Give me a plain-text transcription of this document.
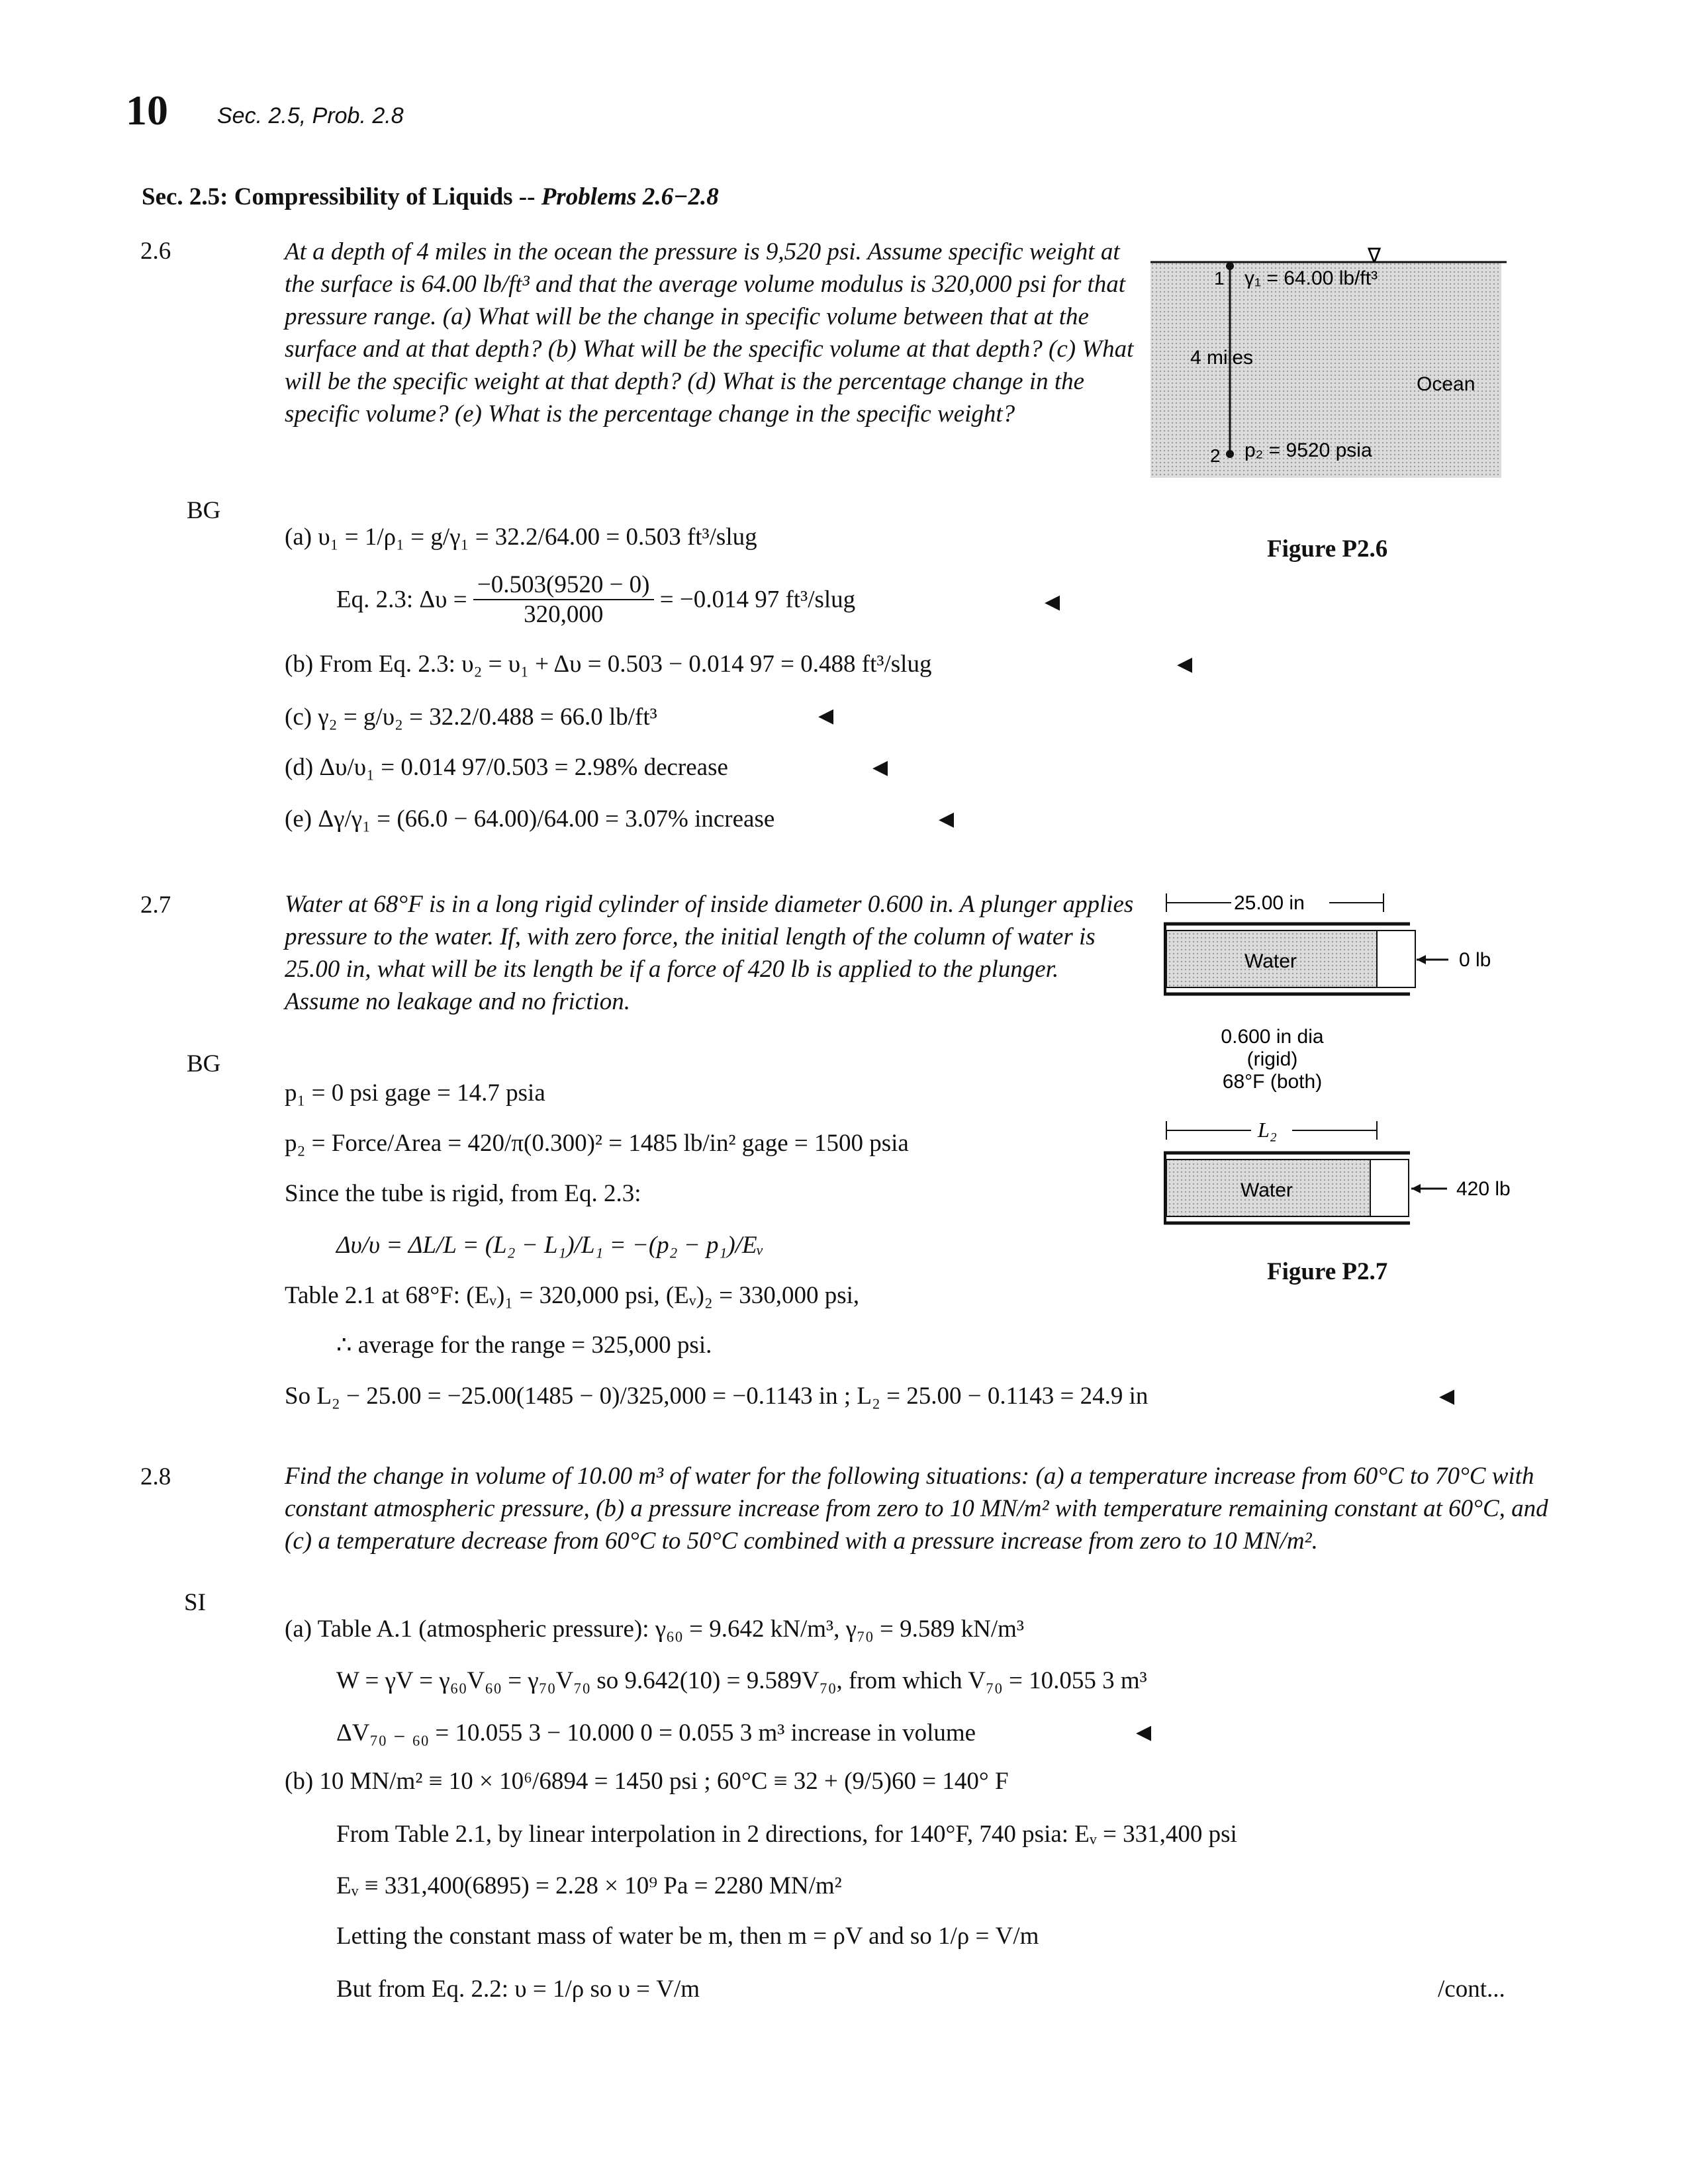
10 Sec. 2.5, Prob. 2.8
Sec. 2.5: Compressibility of Liquids -- Problems 2.6−2.8
2.6	At a depth of 4 miles in the ocean the pressure is 9,520 psi. Assume specific weight at the surface is 64.00 lb/ft³ and that the average volume modulus is 320,000 psi for that pressure range. (a) What will be the change in specific volume between that at the surface and at that depth? (b) What will be the specific volume at that depth? (c) What will be the specific weight at that depth? (d) What is the percentage change in the specific volume? (e) What is the percentage change in the specific weight?
BG
(a) υ₁ = 1/ρ₁ = g/γ₁ = 32.2/64.00 = 0.503 ft³/slug
Eq. 2.3: $\Delta\upsilon = \frac{-0.503(9520 - 0)}{320,000} = -0.014$ 97 ft³/slug	◀
(b) From Eq. 2.3: υ₂ = υ₁ + Δυ = 0.503 − 0.014 97 = 0.488 ft³/slug	◀
(c) γ₂ = g/υ₂ = 32.2/0.488 = 66.0 lb/ft³	◀
(d) Δυ/υ₁ = 0.014 97/0.503 = 2.98% decrease	◀
(e) Δγ/γ₁ = (66.0 − 64.00)/64.00 = 3.07% increase	◀
∇
1 γ₁ = 64.00 lb/ft³
4 miles
Ocean
2 p₂ = 9520 psia
Figure P2.6
2.7	Water at 68°F is in a long rigid cylinder of inside diameter 0.600 in. A plunger applies pressure to the water. If, with zero force, the initial length of the column of water is 25.00 in, what will be its length be if a force of 420 lb is applied to the plunger. Assume no leakage and no friction.
BG
p₁ = 0 psi gage = 14.7 psia
p₂ = Force/Area = 420/π(0.300)² = 1485 lb/in² gage = 1500 psia
Since the tube is rigid, from Eq. 2.3:
Δυ/υ = ΔL/L = (L₂ − L₁)/L₁ = −(p₂ − p₁)/Eᵥ
Table 2.1 at 68°F: (Eᵥ)₁ = 320,000 psi, (Eᵥ)₂ = 330,000 psi,
∴ average for the range = 325,000 psi.
So L₂ − 25.00 = −25.00(1485 − 0)/325,000 = −0.1143 in ; L₂ = 25.00 − 0.1143 = 24.9 in	◀
25.00 in
Water	0 lb
0.600 in dia
(rigid)
68°F (both)
L₂
Water	420 lb
Figure P2.7
2.8	Find the change in volume of 10.00 m³ of water for the following situations: (a) a temperature increase from 60°C to 70°C with constant atmospheric pressure, (b) a pressure increase from zero to 10 MN/m² with temperature remaining constant at 60°C, and (c) a temperature decrease from 60°C to 50°C combined with a pressure increase from zero to 10 MN/m².
SI
(a) Table A.1 (atmospheric pressure): γ₆₀ = 9.642 kN/m³, γ₇₀ = 9.589 kN/m³
W = γV = γ₆₀V₆₀ = γ₇₀V₇₀ so 9.642(10) = 9.589V₇₀, from which V₇₀ = 10.055 3 m³
ΔV₇₀ ₋ ₆₀ = 10.055 3 − 10.000 0 = 0.055 3 m³ increase in volume	◀
(b) 10 MN/m² ≡ 10 × 10⁶/6894 = 1450 psi ; 60°C ≡ 32 + (9/5)60 = 140° F
From Table 2.1, by linear interpolation in 2 directions, for 140°F, 740 psia: Eᵥ = 331,400 psi
Eᵥ ≡ 331,400(6895) = 2.28 × 10⁹ Pa = 2280 MN/m²
Letting the constant mass of water be m, then m = ρV and so 1/ρ = V/m
But from Eq. 2.2: υ = 1/ρ so υ = V/m	/cont...
